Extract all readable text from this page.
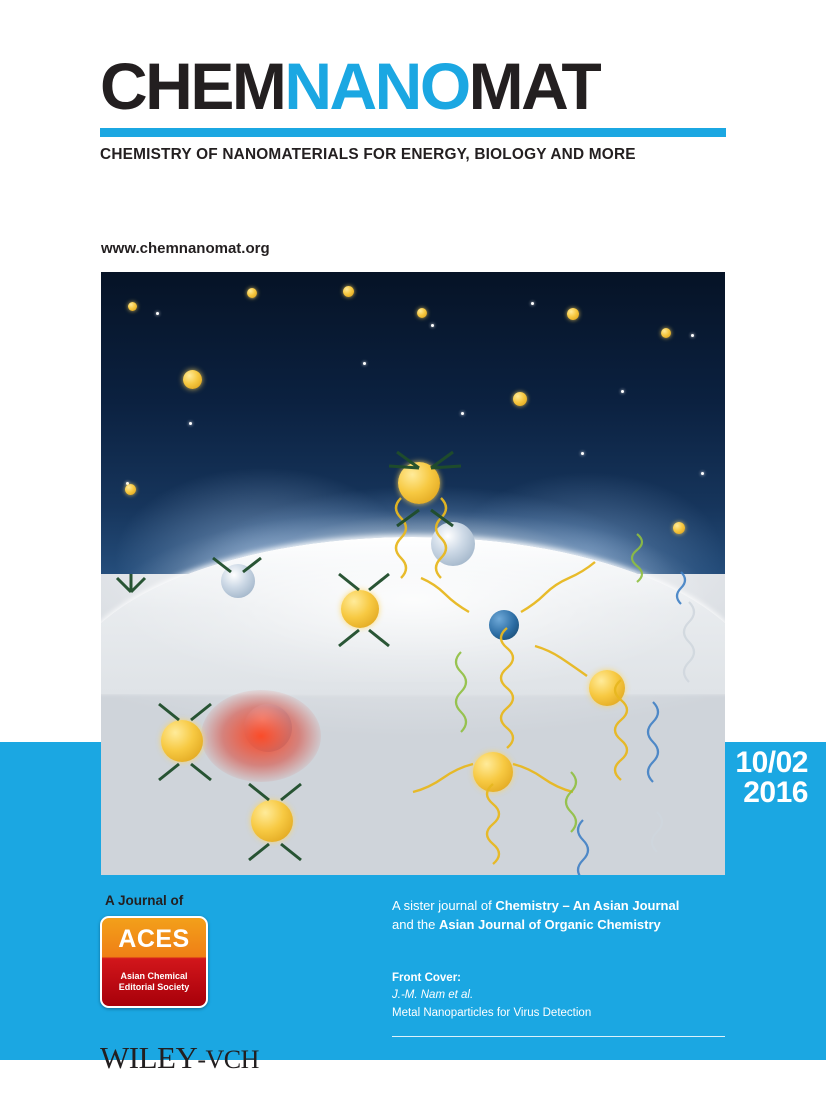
CHEMNANOMAT
CHEMISTRY OF NANOMATERIALS FOR ENERGY, BIOLOGY AND MORE
www.chemnanomat.org
10/02
2016
A Journal of
ACES
Asian Chemical
Editorial Society
A sister journal of Chemistry – An Asian Journal
and the Asian Journal of Organic Chemistry
Front Cover:
J.-M. Nam et al.
Metal Nanoparticles for Virus Detection
WILEY-VCH
